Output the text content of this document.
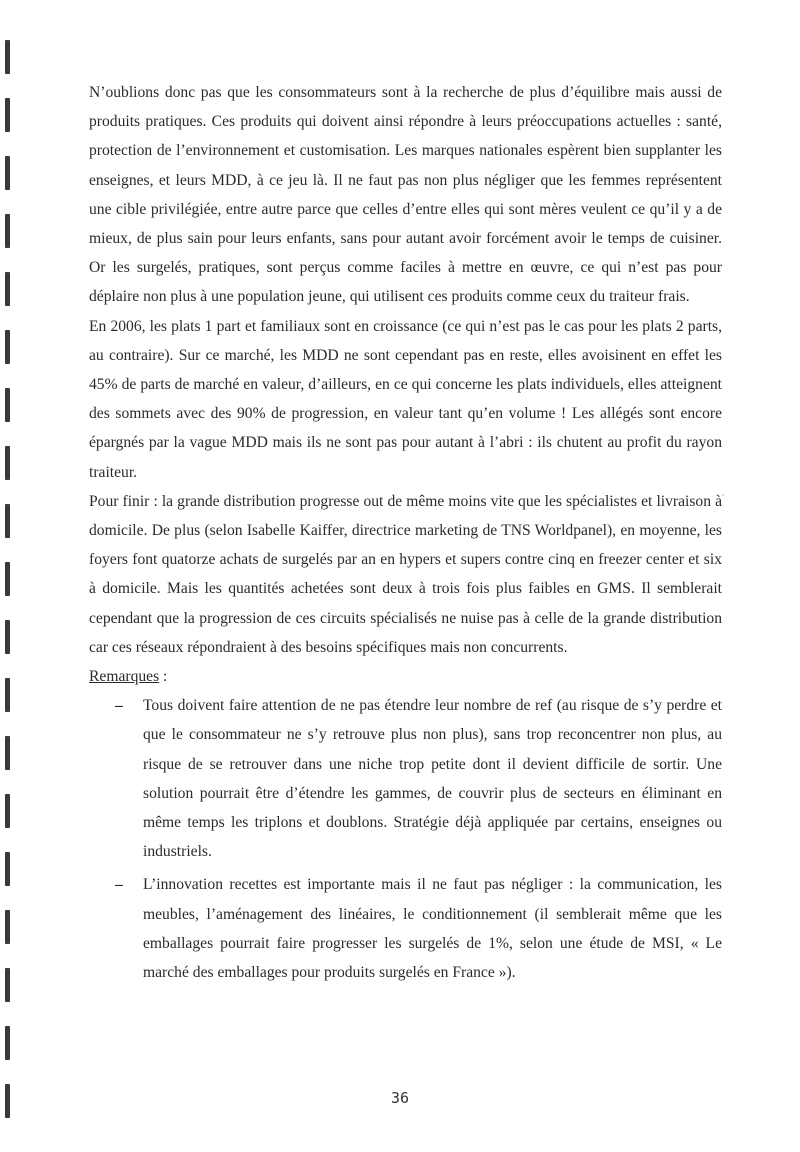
N’oublions donc pas que les consommateurs sont à la recherche de plus d’équilibre mais aussi de produits pratiques. Ces produits qui doivent ainsi répondre à leurs préoccupations actuelles : santé, protection de l’environnement et customisation. Les marques nationales espèrent bien supplanter les enseignes, et leurs MDD, à ce jeu là. Il ne faut pas non plus négliger que les femmes représentent une cible privilégiée, entre autre parce que celles d’entre elles qui sont mères veulent ce qu’il y a de mieux, de plus sain pour leurs enfants, sans pour autant avoir forcément avoir le temps de cuisiner. Or les surgelés, pratiques, sont perçus comme faciles à mettre en œuvre, ce qui n’est pas pour déplaire non plus à une population jeune, qui utilisent ces produits comme ceux du traiteur frais.

En 2006, les plats 1 part et familiaux sont en croissance (ce qui n’est pas le cas pour les plats 2 parts, au contraire). Sur ce marché, les MDD ne sont cependant pas en reste, elles avoisinent en effet les 45% de parts de marché en valeur, d’ailleurs, en ce qui concerne les plats individuels, elles atteignent des sommets avec des 90% de progression, en valeur tant qu’en volume ! Les allégés sont encore épargnés par la vague MDD mais ils ne sont pas pour autant à l’abri : ils chutent au profit du rayon traiteur.

Pour finir : la grande distribution progresse out de même moins vite que les spécialistes et livraison à domicile. De plus (selon Isabelle Kaiffer, directrice marketing de TNS Worldpanel), en moyenne, les foyers font quatorze achats de surgelés par an en hypers et supers contre cinq en freezer center et six à domicile. Mais les quantités achetées sont deux à trois fois plus faibles en GMS. Il semblerait cependant que la progression de ces circuits spécialisés ne nuise pas à celle de la grande distribution car ces réseaux répondraient à des besoins spécifiques mais non concurrents.

Remarques :

– Tous doivent faire attention de ne pas étendre leur nombre de ref (au risque de s’y perdre et que le consommateur ne s’y retrouve plus non plus), sans trop reconcentrer non plus, au risque de se retrouver dans une niche trop petite dont il devient difficile de sortir. Une solution pourrait être d’étendre les gammes, de couvrir plus de secteurs en éliminant en même temps les triplons et doublons. Stratégie déjà appliquée par certains, enseignes ou industriels.
– L’innovation recettes est importante mais il ne faut pas négliger : la communication, les meubles, l’aménagement des linéaires, le conditionnement (il semblerait même que les emballages pourrait faire progresser les surgelés de 1%, selon une étude de MSI, « Le marché des emballages pour produits surgelés en France »).
36
